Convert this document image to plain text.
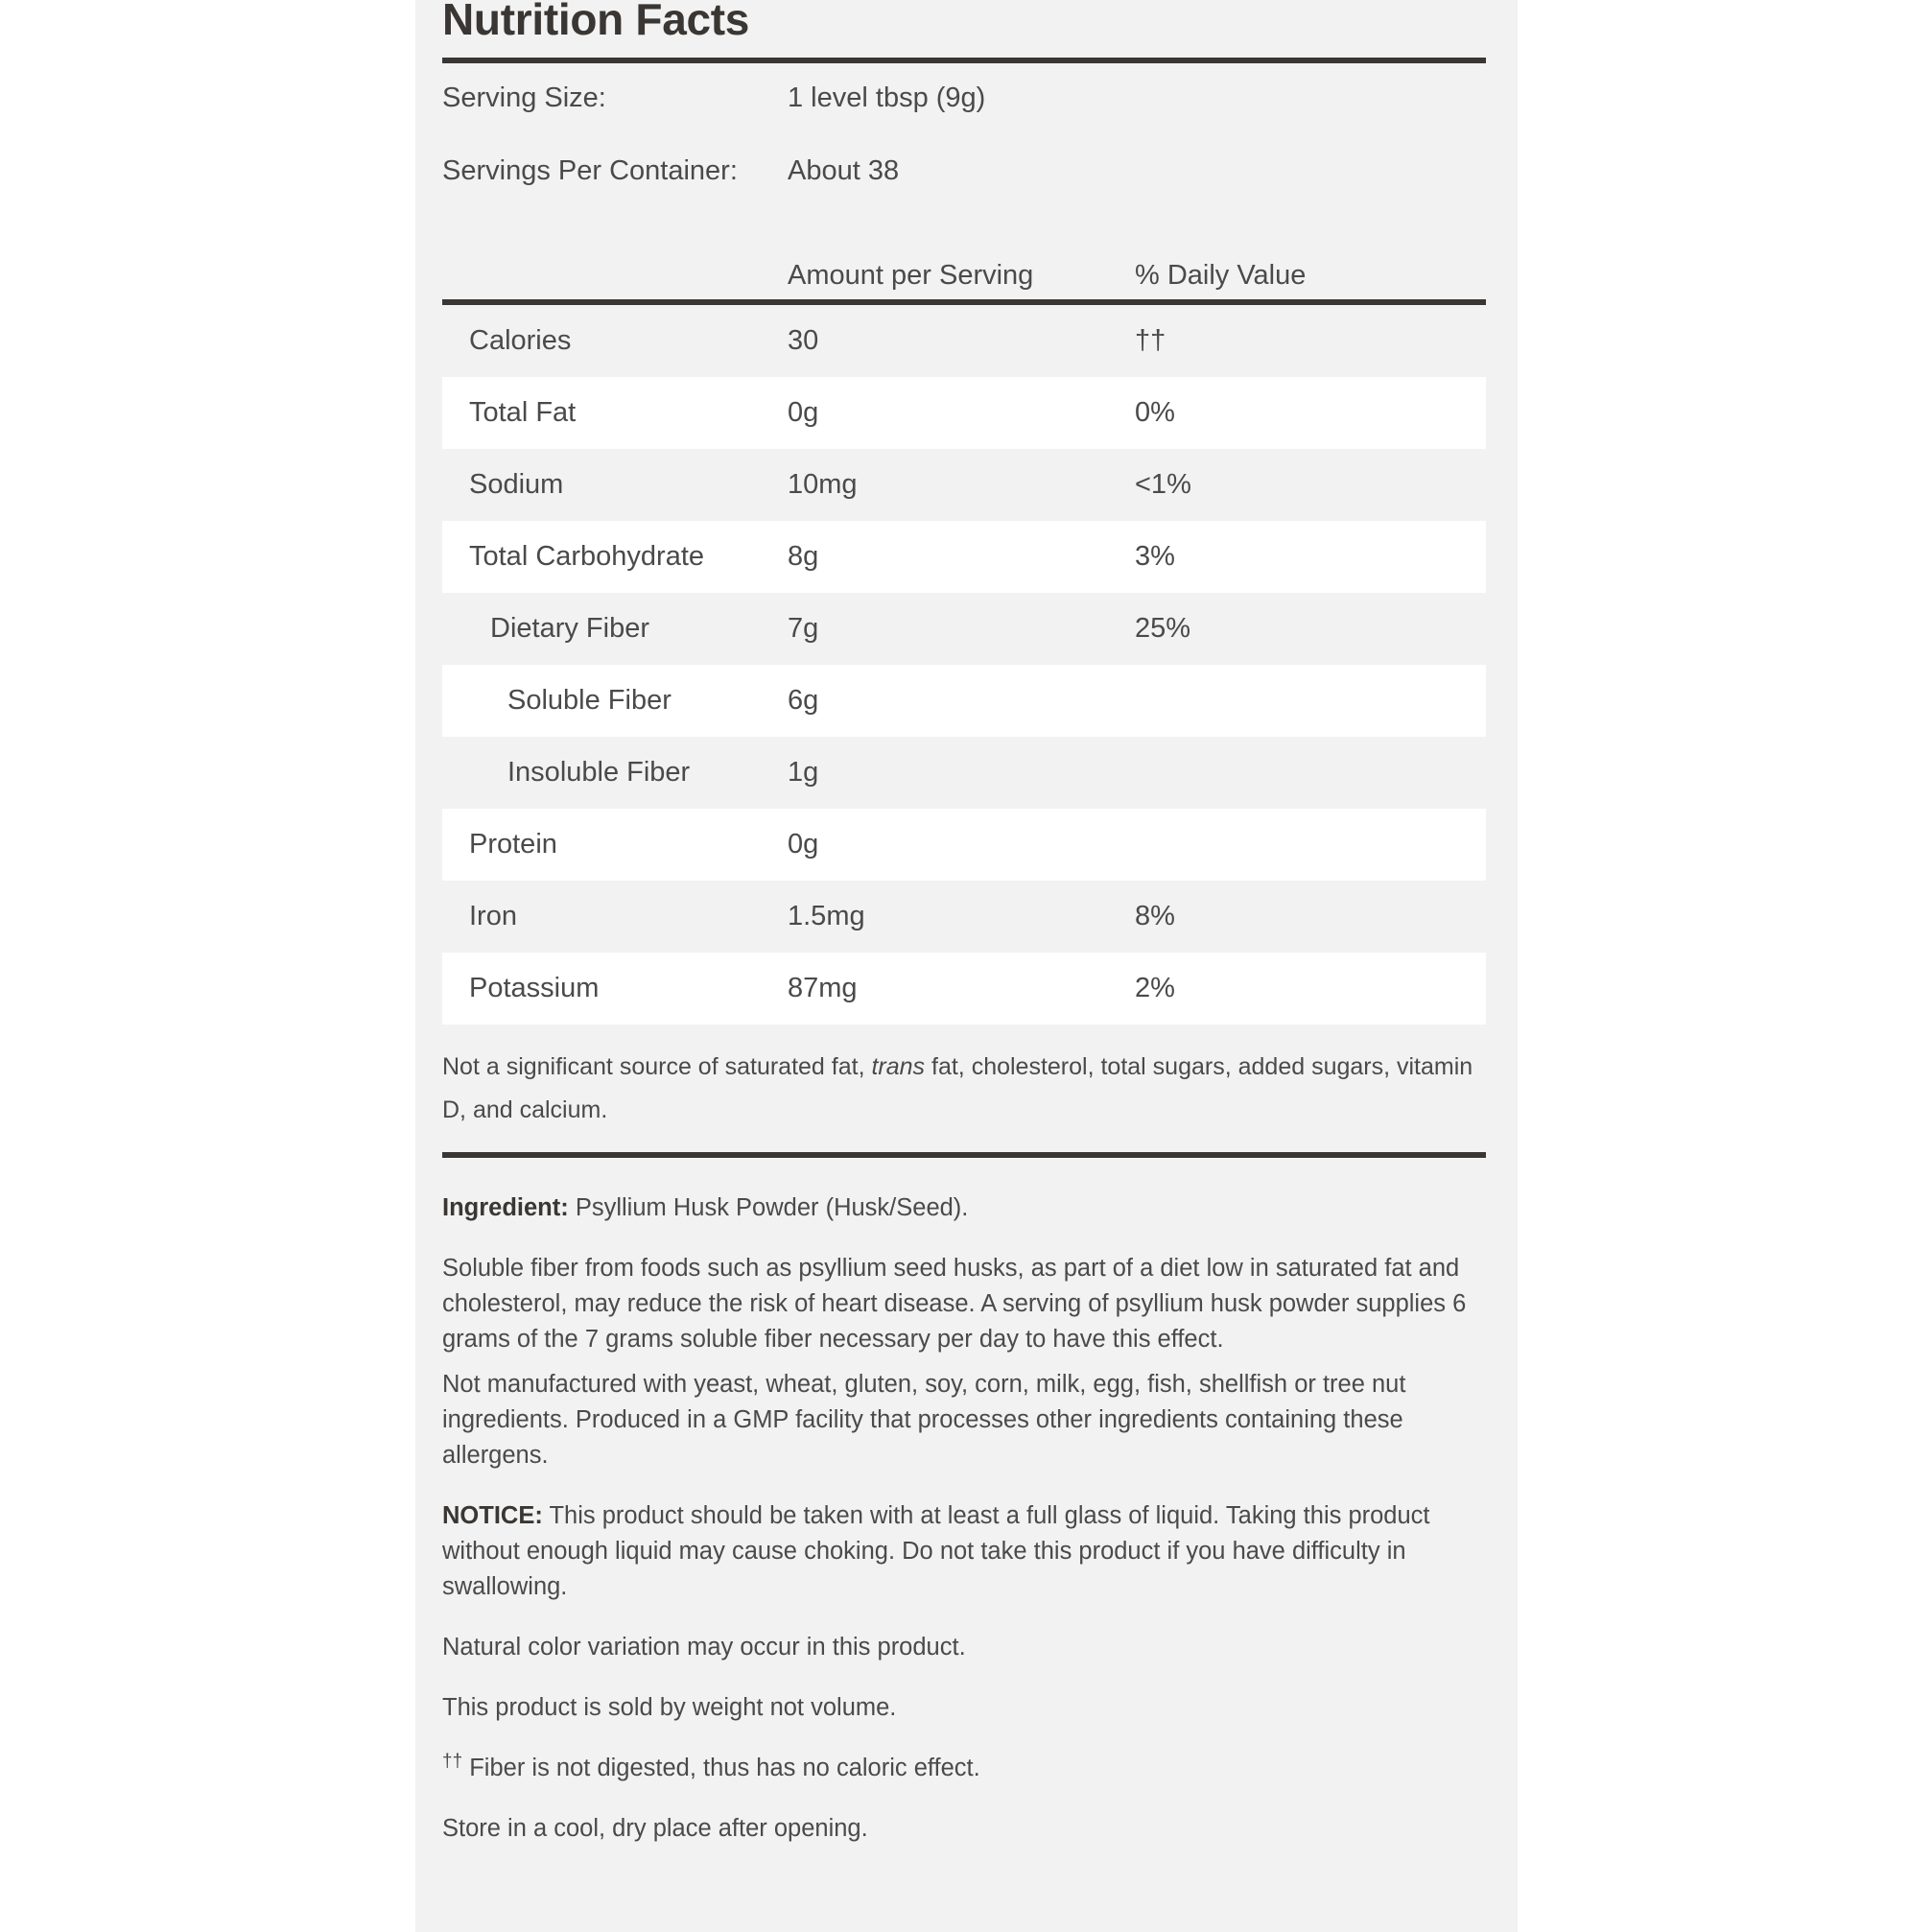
Nutrition Facts
Serving Size:	1 level tbsp (9g)
Servings Per Container:	About 38
Amount per Serving	% Daily Value
Calories	30	††
Total Fat	0g	0%
Sodium	10mg	<1%
Total Carbohydrate	8g	3%
Dietary Fiber	7g	25%
Soluble Fiber	6g
Insoluble Fiber	1g
Protein	0g
Iron	1.5mg	8%
Potassium	87mg	2%
Not a significant source of saturated fat, trans fat, cholesterol, total sugars, added sugars, vitamin D, and calcium.

Ingredient: Psyllium Husk Powder (Husk/Seed).

Soluble fiber from foods such as psyllium seed husks, as part of a diet low in saturated fat and cholesterol, may reduce the risk of heart disease. A serving of psyllium husk powder supplies 6 grams of the 7 grams soluble fiber necessary per day to have this effect.

Not manufactured with yeast, wheat, gluten, soy, corn, milk, egg, fish, shellfish or tree nut ingredients. Produced in a GMP facility that processes other ingredients containing these allergens.

NOTICE: This product should be taken with at least a full glass of liquid. Taking this product without enough liquid may cause choking. Do not take this product if you have difficulty in swallowing.

Natural color variation may occur in this product.

This product is sold by weight not volume.

†† Fiber is not digested, thus has no caloric effect.

Store in a cool, dry place after opening.
